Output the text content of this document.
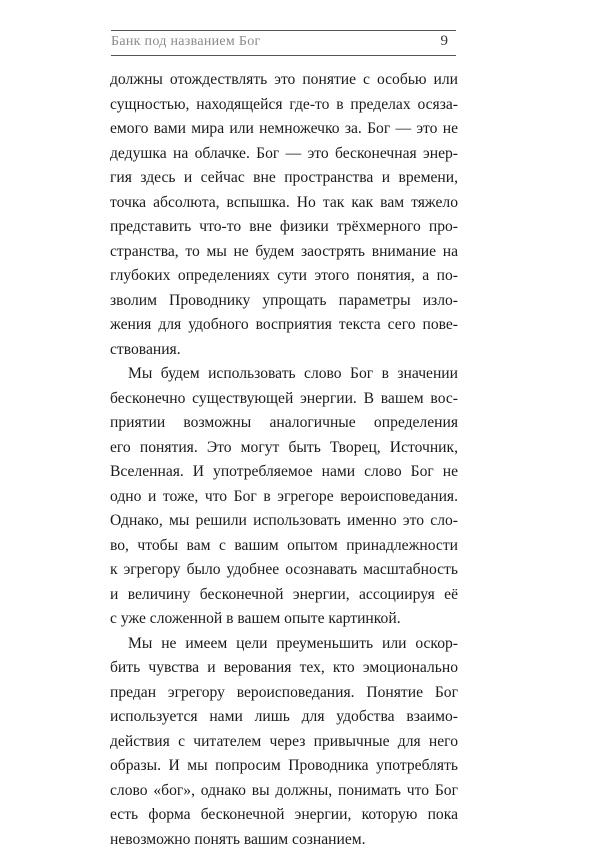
Банк под названием Бог	9

должны отождествлять это понятие с особью или
сущностью, находящейся где-то в пределах осяза-
емого вами мира или немножечко за. Бог — это не
дедушка на облачке. Бог — это бесконечная энер-
гия здесь и сейчас вне пространства и времени,
точка абсолюта, вспышка. Но так как вам тяжело
представить что-то вне физики трёхмерного про-
странства, то мы не будем заострять внимание на
глубоких определениях сути этого понятия, а по-
зволим Проводнику упрощать параметры изло-
жения для удобного восприятия текста сего пове-
ствования.

Мы будем использовать слово Бог в значении
бесконечно существующей энергии. В вашем вос-
приятии возможны аналогичные определения
его понятия. Это могут быть Творец, Источник,
Вселенная. И употребляемое нами слово Бог не
одно и тоже, что Бог в эгрегоре вероисповедания.
Однако, мы решили использовать именно это сло-
во, чтобы вам с вашим опытом принадлежности
к эгрегору было удобнее осознавать масштабность
и величину бесконечной энергии, ассоциируя её
с уже сложенной в вашем опыте картинкой.

Мы не имеем цели преуменьшить или оскор-
бить чувства и верования тех, кто эмоционально
предан эгрегору вероисповедания. Понятие Бог
используется нами лишь для удобства взаимо-
действия с читателем через привычные для него
образы. И мы попросим Проводника употреблять
слово «бог», однако вы должны, понимать что Бог
есть форма бесконечной энергии, которую пока
невозможно понять вашим сознанием.
